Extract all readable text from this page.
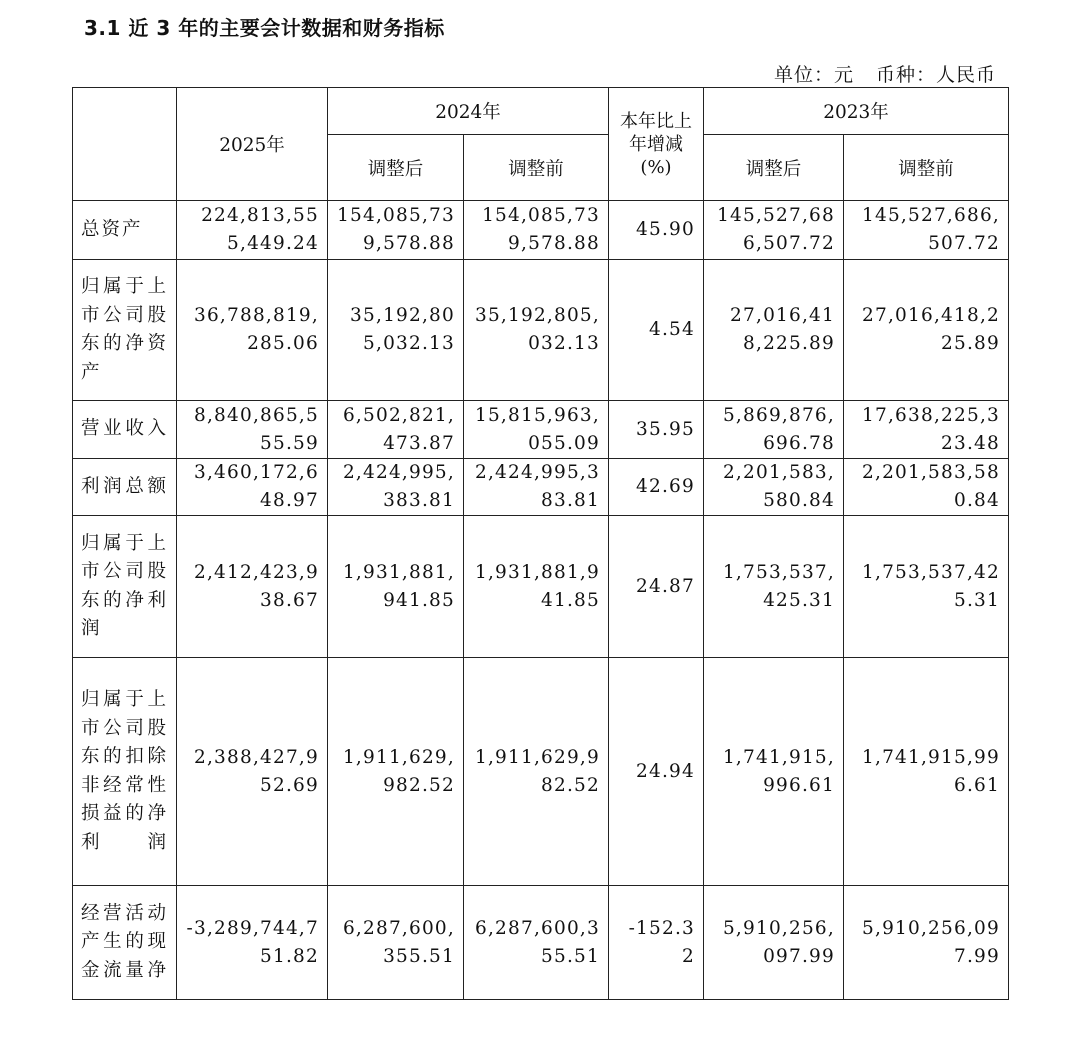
3.1 近 3 年的主要会计数据和财务指标
单位：元 币种：人民币
	2025年	2024年		本年比上年增减(%)	2023年	
		调整后	调整前		调整后	调整前
总资产	224,813,555,449.24	154,085,739,578.88	154,085,739,578.88	45.90	145,527,686,507.72	145,527,686,507.72
归属于上市公司股东的净资产	36,788,819,285.06	35,192,805,032.13	35,192,805,032.13	4.54	27,016,418,225.89	27,016,418,225.89
营业收入	8,840,865,555.59	6,502,821,473.87	15,815,963,055.09	35.95	5,869,876,696.78	17,638,225,323.48
利润总额	3,460,172,648.97	2,424,995,383.81	2,424,995,383.81	42.69	2,201,583,580.84	2,201,583,580.84
归属于上市公司股东的净利润	2,412,423,938.67	1,931,881,941.85	1,931,881,941.85	24.87	1,753,537,425.31	1,753,537,425.31
归属于上市公司股东的扣除非经常性损益的净利润	2,388,427,952.69	1,911,629,982.52	1,911,629,982.52	24.94	1,741,915,996.61	1,741,915,996.61
经营活动产生的现金流量净	-3,289,744,751.82	6,287,600,355.51	6,287,600,355.51	-152.32	5,910,256,097.99	5,910,256,097.99
